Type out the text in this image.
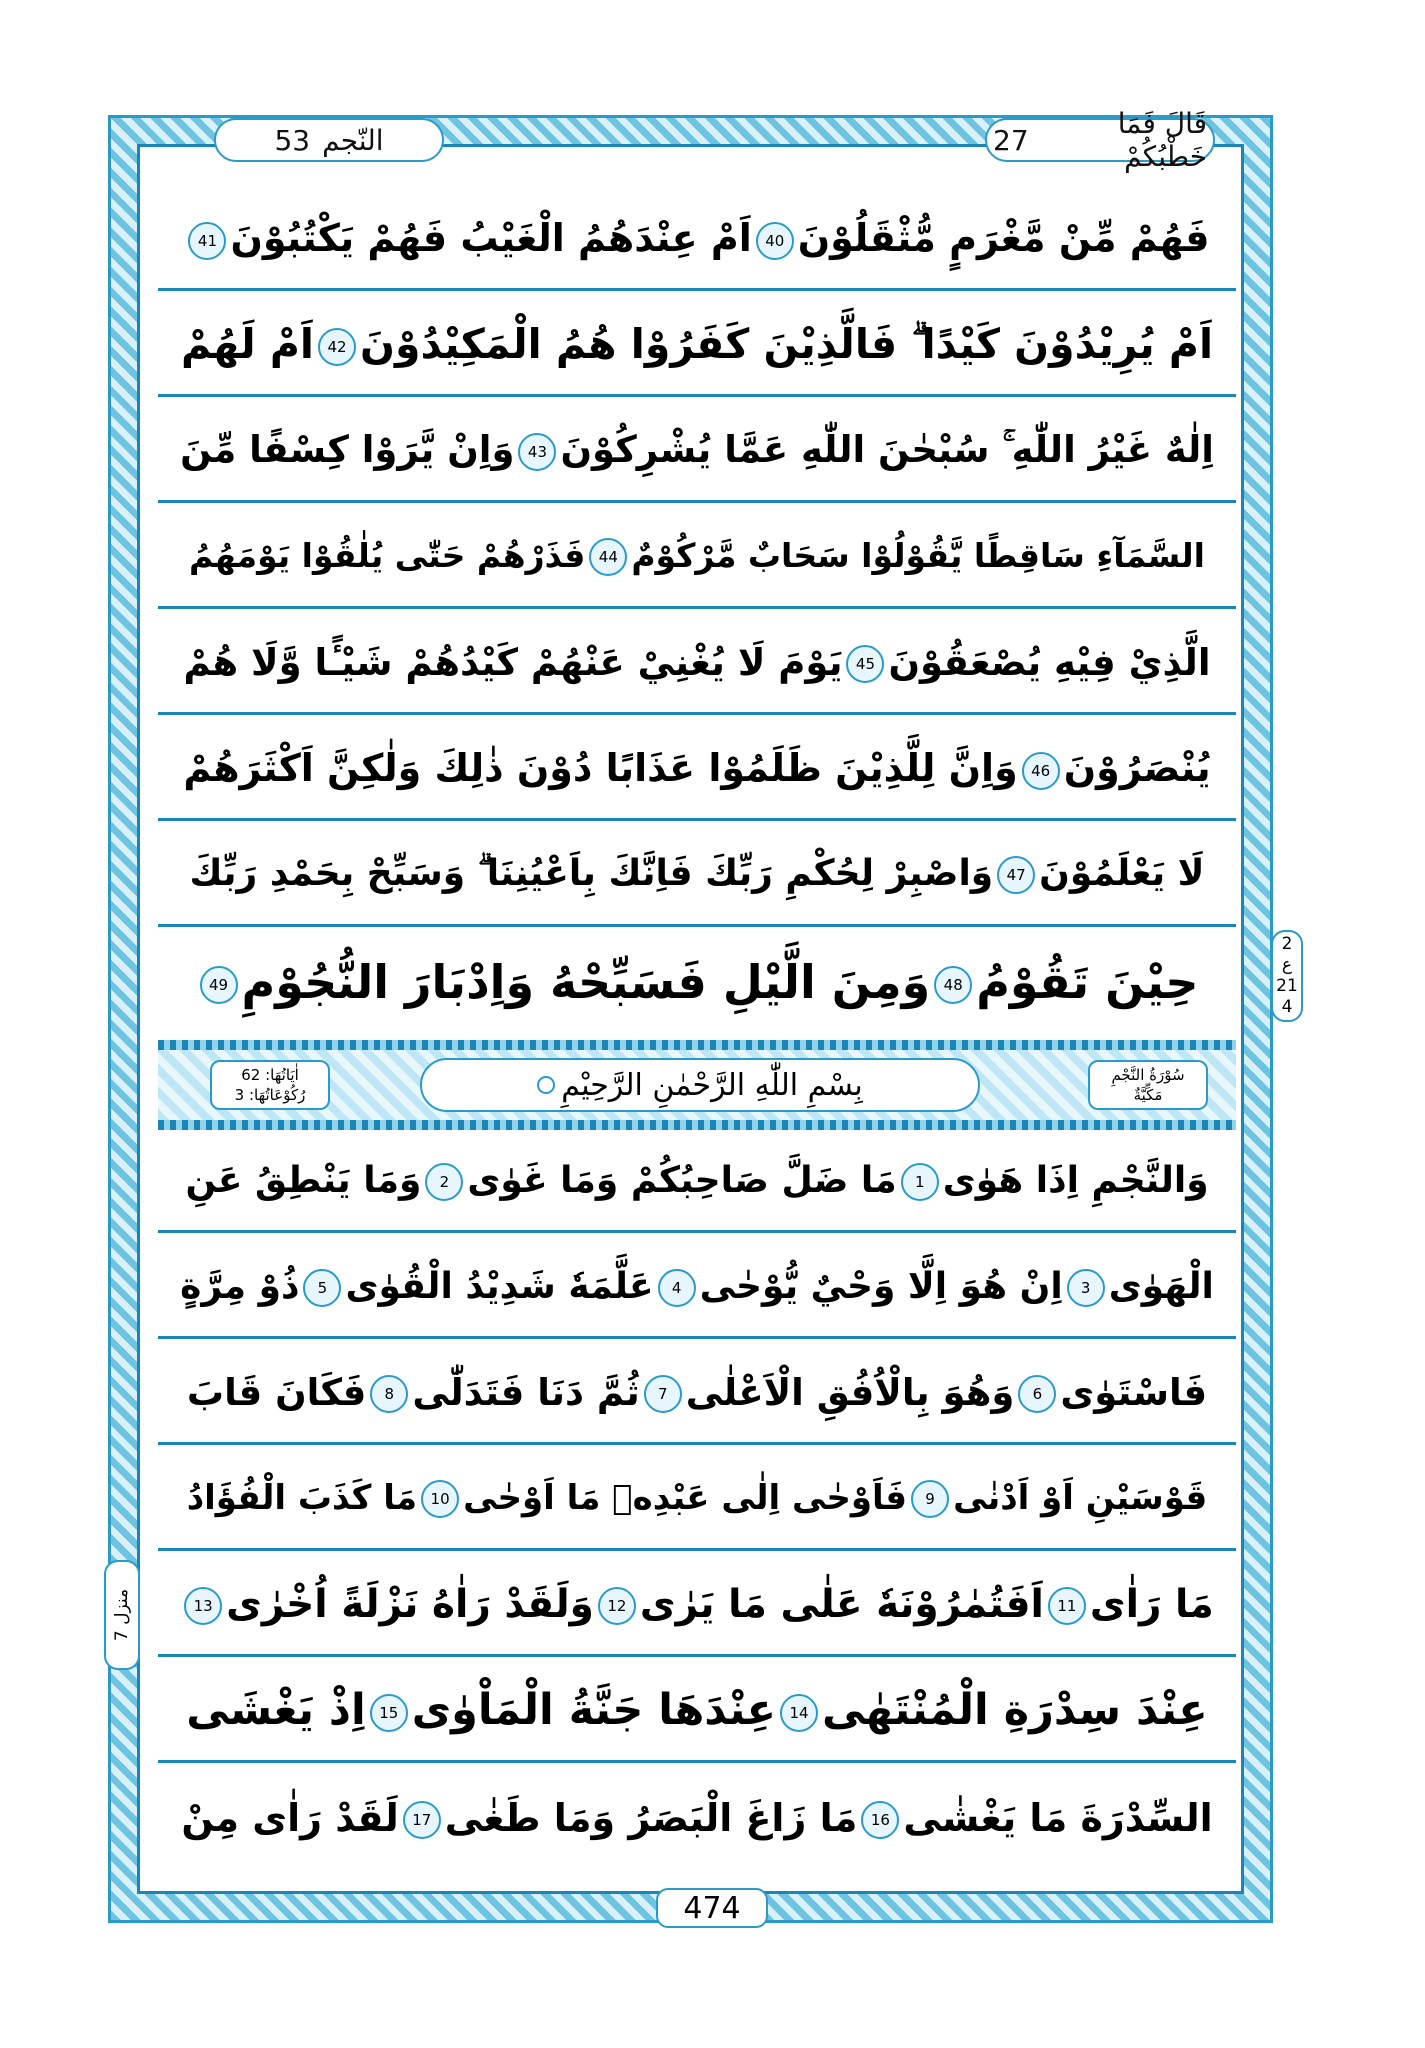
قَالَ فَمَا خَطْبُكُمْ
27
النّجم
53
فَهُمْ مِّنْ مَّغْرَمٍ مُّثْقَلُوْنَ40اَمْ عِنْدَهُمُ الْغَيْبُ فَهُمْ يَكْتُبُوْنَ41
اَمْ يُرِيْدُوْنَ كَيْدًا ۗ فَالَّذِيْنَ كَفَرُوْا هُمُ الْمَكِيْدُوْنَ42اَمْ لَهُمْ
اِلٰهٌ غَيْرُ اللّٰهِ ۚ سُبْحٰنَ اللّٰهِ عَمَّا يُشْرِكُوْنَ43وَاِنْ يَّرَوْا كِسْفًا مِّنَ
السَّمَآءِ سَاقِطًا يَّقُوْلُوْا سَحَابٌ مَّرْكُوْمٌ44فَذَرْهُمْ حَتّٰى يُلٰقُوْا يَوْمَهُمُ
الَّذِيْ فِيْهِ يُصْعَقُوْنَ45يَوْمَ لَا يُغْنِيْ عَنْهُمْ كَيْدُهُمْ شَيْـًٔا وَّلَا هُمْ
يُنْصَرُوْنَ46وَاِنَّ لِلَّذِيْنَ ظَلَمُوْا عَذَابًا دُوْنَ ذٰلِكَ وَلٰكِنَّ اَكْثَرَهُمْ
لَا يَعْلَمُوْنَ47وَاصْبِرْ لِحُكْمِ رَبِّكَ فَاِنَّكَ بِاَعْيُنِنَا ۗ وَسَبِّحْ بِحَمْدِ رَبِّكَ
حِيْنَ تَقُوْمُ48وَمِنَ الَّيْلِ فَسَبِّحْهُ وَاِدْبَارَ النُّجُوْمِ49
سُوْرَةُ النَّجْمِ
مَكِّيَّةٌ
بِسْمِ اللّٰهِ الرَّحْمٰنِ الرَّحِيْمِ
اٰيَاتُهَا: 62
رُكُوْعَاتُهَا: 3
وَالنَّجْمِ اِذَا هَوٰى1مَا ضَلَّ صَاحِبُكُمْ وَمَا غَوٰى2وَمَا يَنْطِقُ عَنِ
الْهَوٰى3اِنْ هُوَ اِلَّا وَحْيٌ يُّوْحٰى4عَلَّمَهٗ شَدِيْدُ الْقُوٰى5ذُوْ مِرَّةٍ
فَاسْتَوٰى6وَهُوَ بِالْاُفُقِ الْاَعْلٰى7ثُمَّ دَنَا فَتَدَلّٰى8فَكَانَ قَابَ
قَوْسَيْنِ اَوْ اَدْنٰى9فَاَوْحٰى اِلٰى عَبْدِهٖ مَا اَوْحٰى10مَا كَذَبَ الْفُؤَادُ
مَا رَاٰى11اَفَتُمٰرُوْنَهٗ عَلٰى مَا يَرٰى12وَلَقَدْ رَاٰهُ نَزْلَةً اُخْرٰى13
عِنْدَ سِدْرَةِ الْمُنْتَهٰى14عِنْدَهَا جَنَّةُ الْمَاْوٰى15اِذْ يَغْشَى
السِّدْرَةَ مَا يَغْشٰى16مَا زَاغَ الْبَصَرُ وَمَا طَغٰى17لَقَدْ رَاٰى مِنْ
2
ع
21
4
منزل 7
474
